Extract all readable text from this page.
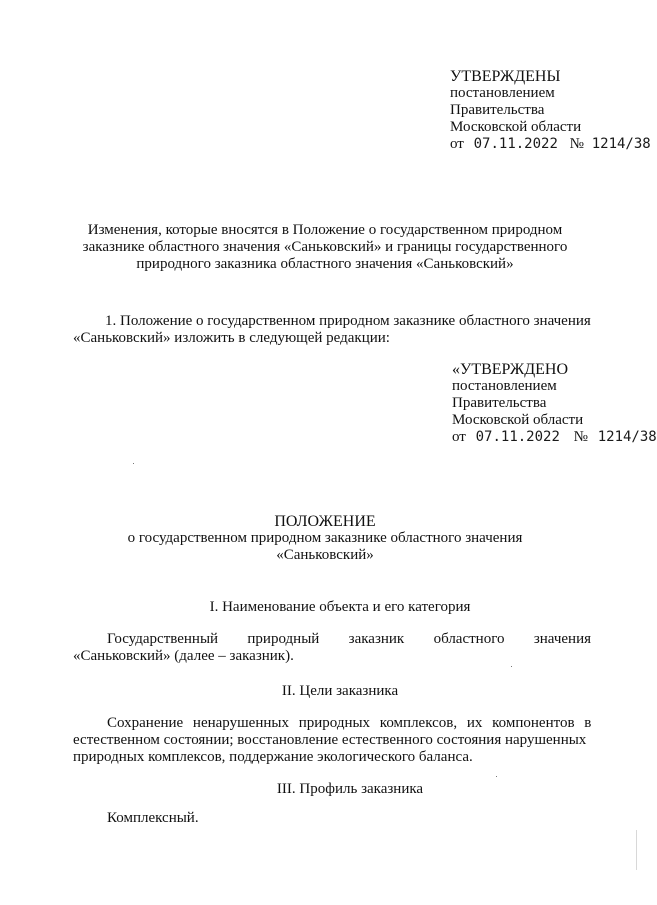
УТВЕРЖДЕНЫ
постановлением
Правительства
Московской области
от 07.11.2022 № 1214/38
Изменения, которые вносятся в Положение о государственном природном
заказнике областного значения «Саньковский» и границы государственного
природного заказника областного значения «Саньковский»
1. Положение о государственном природном заказнике областного значения
«Саньковский» изложить в следующей редакции:
«УТВЕРЖДЕНО
постановлением
Правительства
Московской области
от 07.11.2022 № 1214/38
ПОЛОЖЕНИЕ
о государственном природном заказнике областного значения
«Саньковский»
I. Наименование объекта и его категория
Государственный природный заказник областного значения
«Саньковский» (далее – заказник).
II. Цели заказника
Сохранение ненарушенных природных комплексов, их компонентов в
естественном состоянии; восстановление естественного состояния нарушенных
природных комплексов, поддержание экологического баланса.
III. Профиль заказника
Комплексный.
